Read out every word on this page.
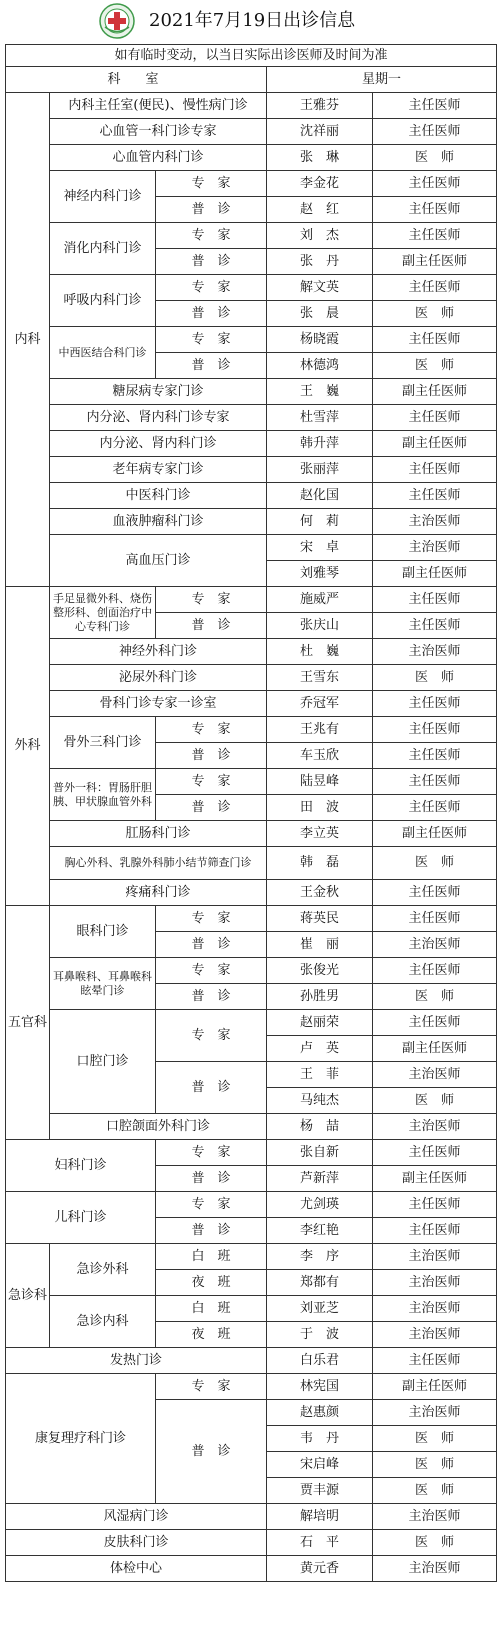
2021年7月19日出诊信息
如有临时变动，以当日实际出诊医师及时间为准				
科　室			星期一	
内科	内科主任室(便民)、慢性病门诊		王雅芬	主任医师
	心血管一科门诊专家		沈祥丽	主任医师
	心血管内科门诊		张　琳	医　师
	神经内科门诊	专　家	李金花	主任医师
		普　诊	赵　红	主任医师
	消化内科门诊	专　家	刘　杰	主任医师
		普　诊	张　丹	副主任医师
	呼吸内科门诊	专　家	解文英	主任医师
		普　诊	张　晨	医　师
	中西医结合科门诊	专　家	杨晓霞	主任医师
		普　诊	林德鸿	医　师
	糖尿病专家门诊		王　巍	副主任医师
	内分泌、肾内科门诊专家		杜雪萍	主任医师
	内分泌、肾内科门诊		韩升萍	副主任医师
	老年病专家门诊		张丽萍	主任医师
	中医科门诊		赵化国	主任医师
	血液肿瘤科门诊		何　莉	主治医师
	高血压门诊		宋　卓	主治医师
			刘雅琴	副主任医师
外科	手足显微外科、烧伤整形科、创面治疗中心专科门诊	专　家	施威严	主任医师
		普　诊	张庆山	主任医师
	神经外科门诊		杜　巍	主治医师
	泌尿外科门诊		王雪东	医　师
	骨科门诊专家一诊室		乔冠军	主任医师
	骨外三科门诊	专　家	王兆有	主任医师
		普　诊	车玉欣	主任医师
	普外一科：胃肠肝胆胰、甲状腺血管外科	专　家	陆昱峰	主任医师
		普　诊	田　波	主任医师
	肛肠科门诊		李立英	副主任医师
	胸心外科、乳腺外科肺小结节筛查门诊		韩　磊	医　师
	疼痛科门诊		王金秋	主任医师
五官科	眼科门诊	专　家	蒋英民	主任医师
		普　诊	崔　丽	主治医师
	耳鼻喉科、耳鼻喉科眩晕门诊	专　家	张俊光	主任医师
		普　诊	孙胜男	医　师
	口腔门诊	专　家	赵丽荣	主任医师
			卢　英	副主任医师
		普　诊	王　菲	主治医师
			马纯杰	医　师
	口腔颌面外科门诊		杨　喆	主治医师
妇科门诊		专　家	张自新	主任医师
		普　诊	芦新萍	副主任医师
儿科门诊		专　家	尤剑瑛	主任医师
		普　诊	李红艳	主任医师
急诊科	急诊外科	白　班	李　序	主治医师
		夜　班	郑都有	主治医师
	急诊内科	白　班	刘亚芝	主治医师
		夜　班	于　波	主治医师
发热门诊			白乐君	主任医师
康复理疗科门诊		专　家	林宪国	副主任医师
		普　诊	赵惠颜	主治医师
			韦　丹	医　师
			宋启峰	医　师
			贾丰源	医　师
风湿病门诊			解培明	主治医师
皮肤科门诊			石　平	医　师
体检中心			黄元香	主治医师
